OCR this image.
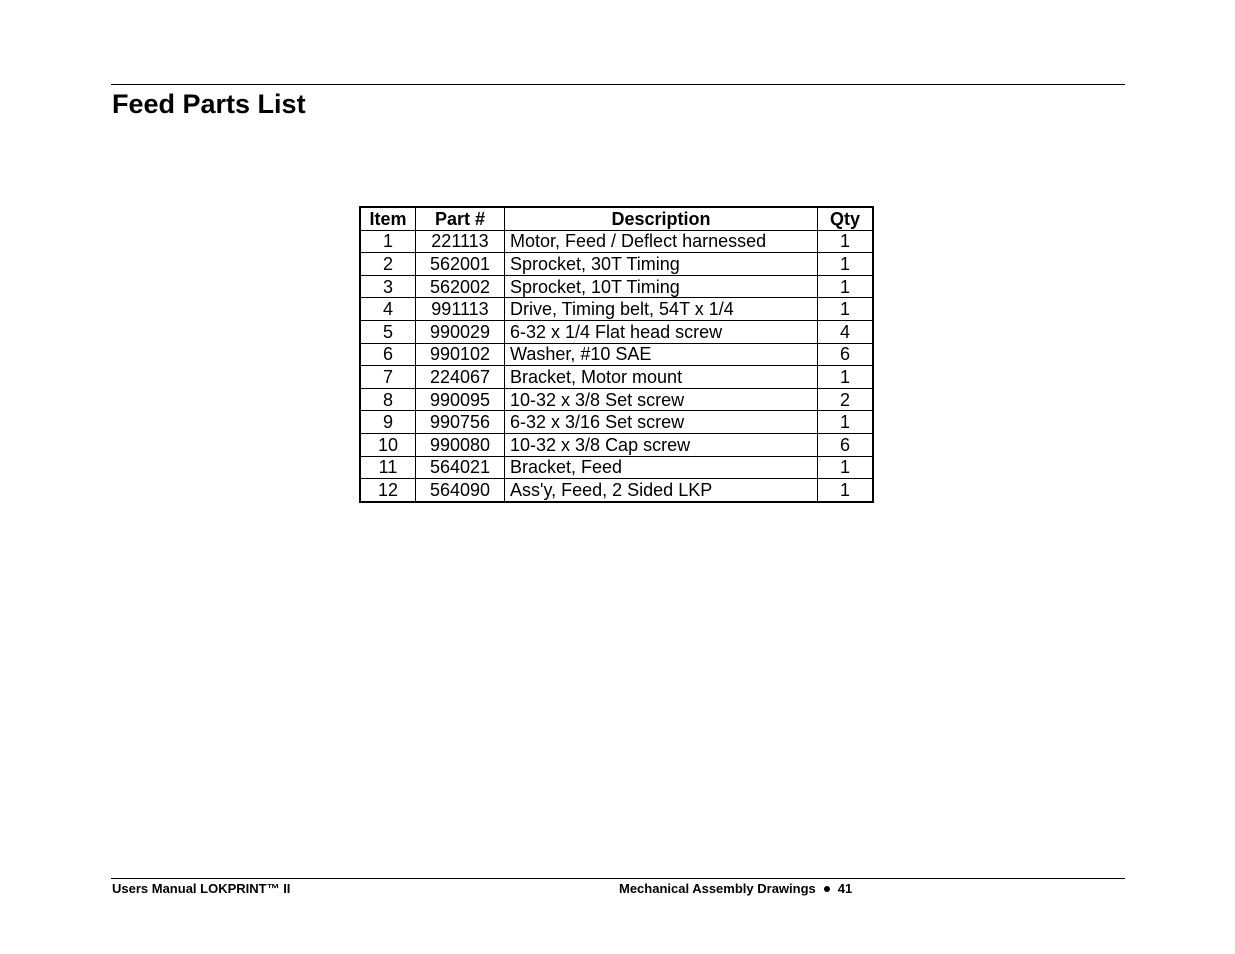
Feed Parts List
Item	Part #	Description	Qty
1	221113	Motor, Feed / Deflect harnessed	1
2	562001	Sprocket, 30T Timing	1
3	562002	Sprocket, 10T Timing	1
4	991113	Drive, Timing belt, 54T x 1/4	1
5	990029	6-32 x 1/4 Flat head screw	4
6	990102	Washer, #10 SAE	6
7	224067	Bracket, Motor mount	1
8	990095	10-32 x 3/8 Set screw	2
9	990756	6-32 x 3/16 Set screw	1
10	990080	10-32 x 3/8 Cap screw	6
11	564021	Bracket, Feed	1
12	564090	Ass'y, Feed, 2 Sided LKP	1
Users Manual LOKPRINT™ II	Mechanical Assembly Drawings 41
